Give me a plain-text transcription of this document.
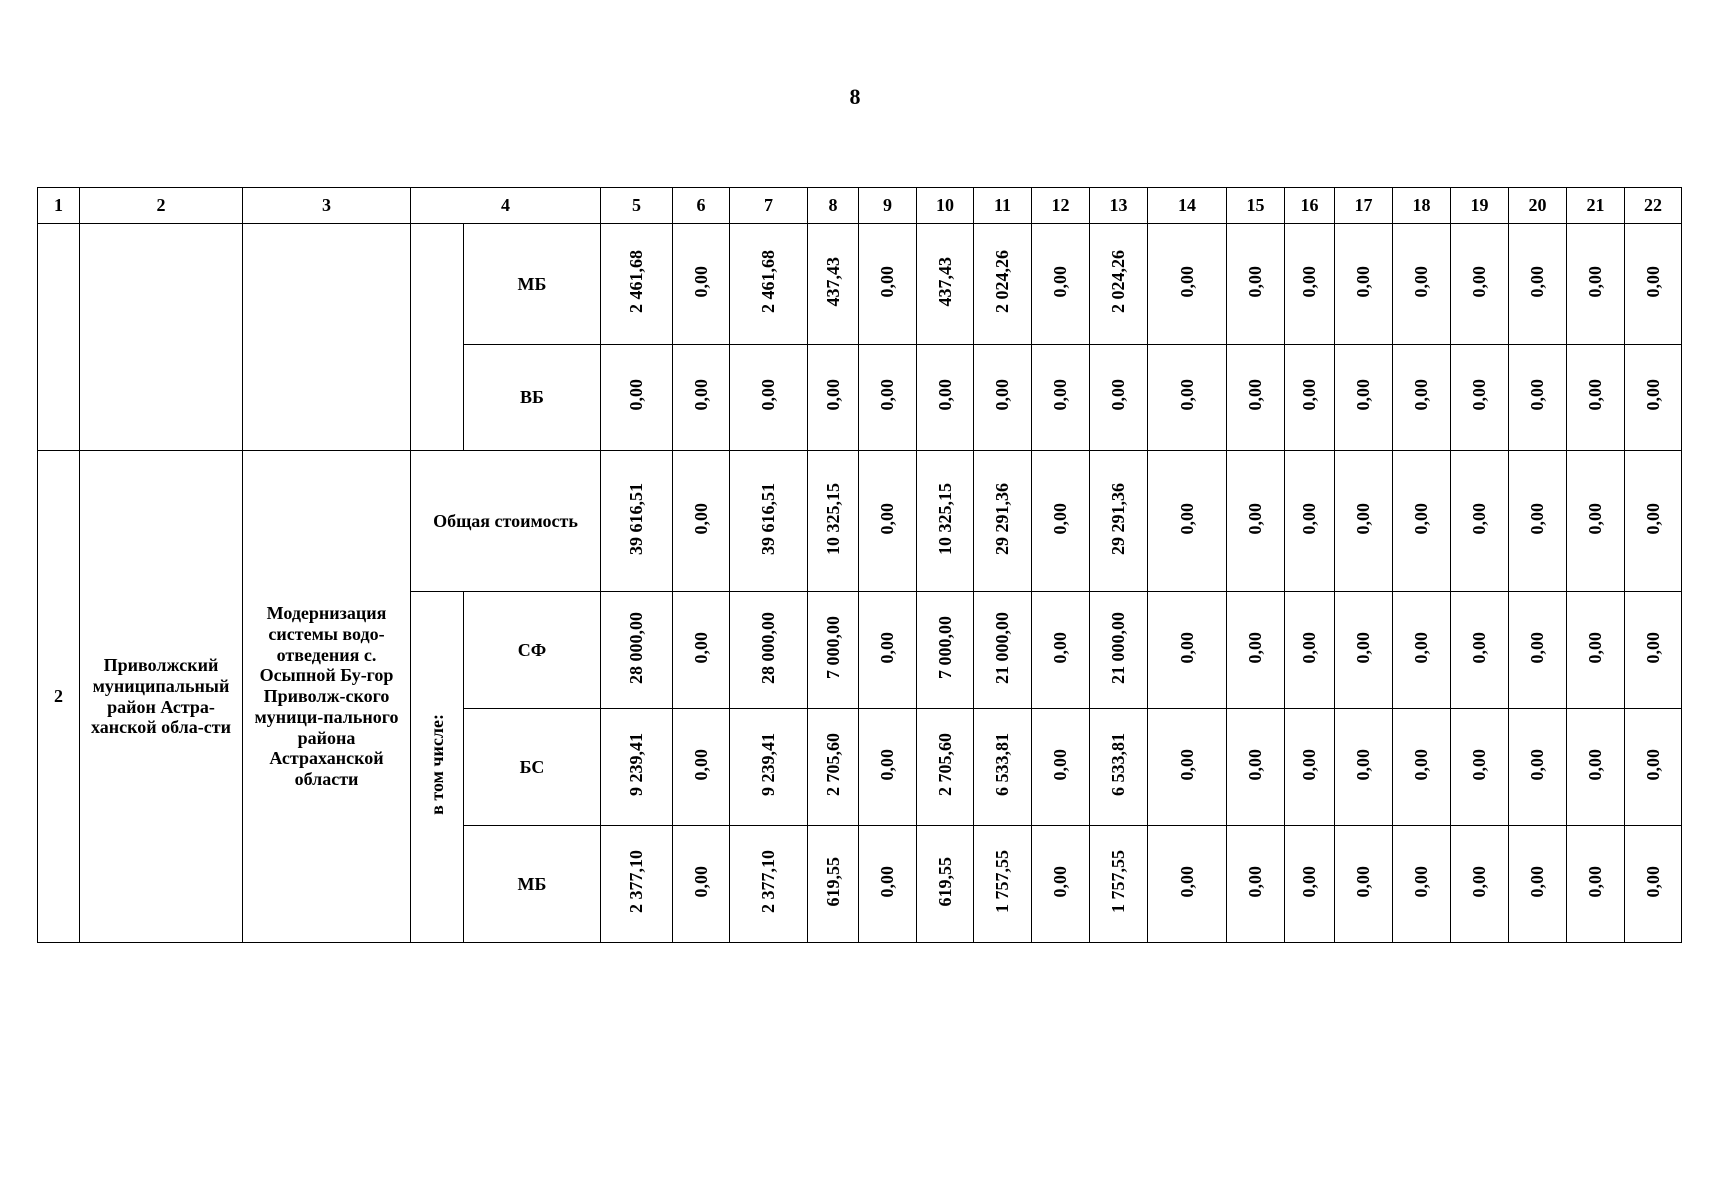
8
1	2	3	4		5	6	7	8	9	10	11	12	13	14	15	16	17	18	19	20	21	22
				МБ	2 461,68	0,00	2 461,68	437,43	0,00	437,43	2 024,26	0,00	2 024,26	0,00	0,00	0,00	0,00	0,00	0,00	0,00	0,00	0,00
				ВБ	0,00	0,00	0,00	0,00	0,00	0,00	0,00	0,00	0,00	0,00	0,00	0,00	0,00	0,00	0,00	0,00	0,00	0,00
2	Приволжский муниципальный район Астра-ханской обла-сти	Модернизация системы водо-отведения с. Осыпной Бу-гор Приволж-ского муници-пального района Астраханской области	Общая стоимость		39 616,51	0,00	39 616,51	10 325,15	0,00	10 325,15	29 291,36	0,00	29 291,36	0,00	0,00	0,00	0,00	0,00	0,00	0,00	0,00	0,00
			в том числе:	СФ	28 000,00	0,00	28 000,00	7 000,00	0,00	7 000,00	21 000,00	0,00	21 000,00	0,00	0,00	0,00	0,00	0,00	0,00	0,00	0,00	0,00
				БС	9 239,41	0,00	9 239,41	2 705,60	0,00	2 705,60	6 533,81	0,00	6 533,81	0,00	0,00	0,00	0,00	0,00	0,00	0,00	0,00	0,00
				МБ	2 377,10	0,00	2 377,10	619,55	0,00	619,55	1 757,55	0,00	1 757,55	0,00	0,00	0,00	0,00	0,00	0,00	0,00	0,00	0,00
